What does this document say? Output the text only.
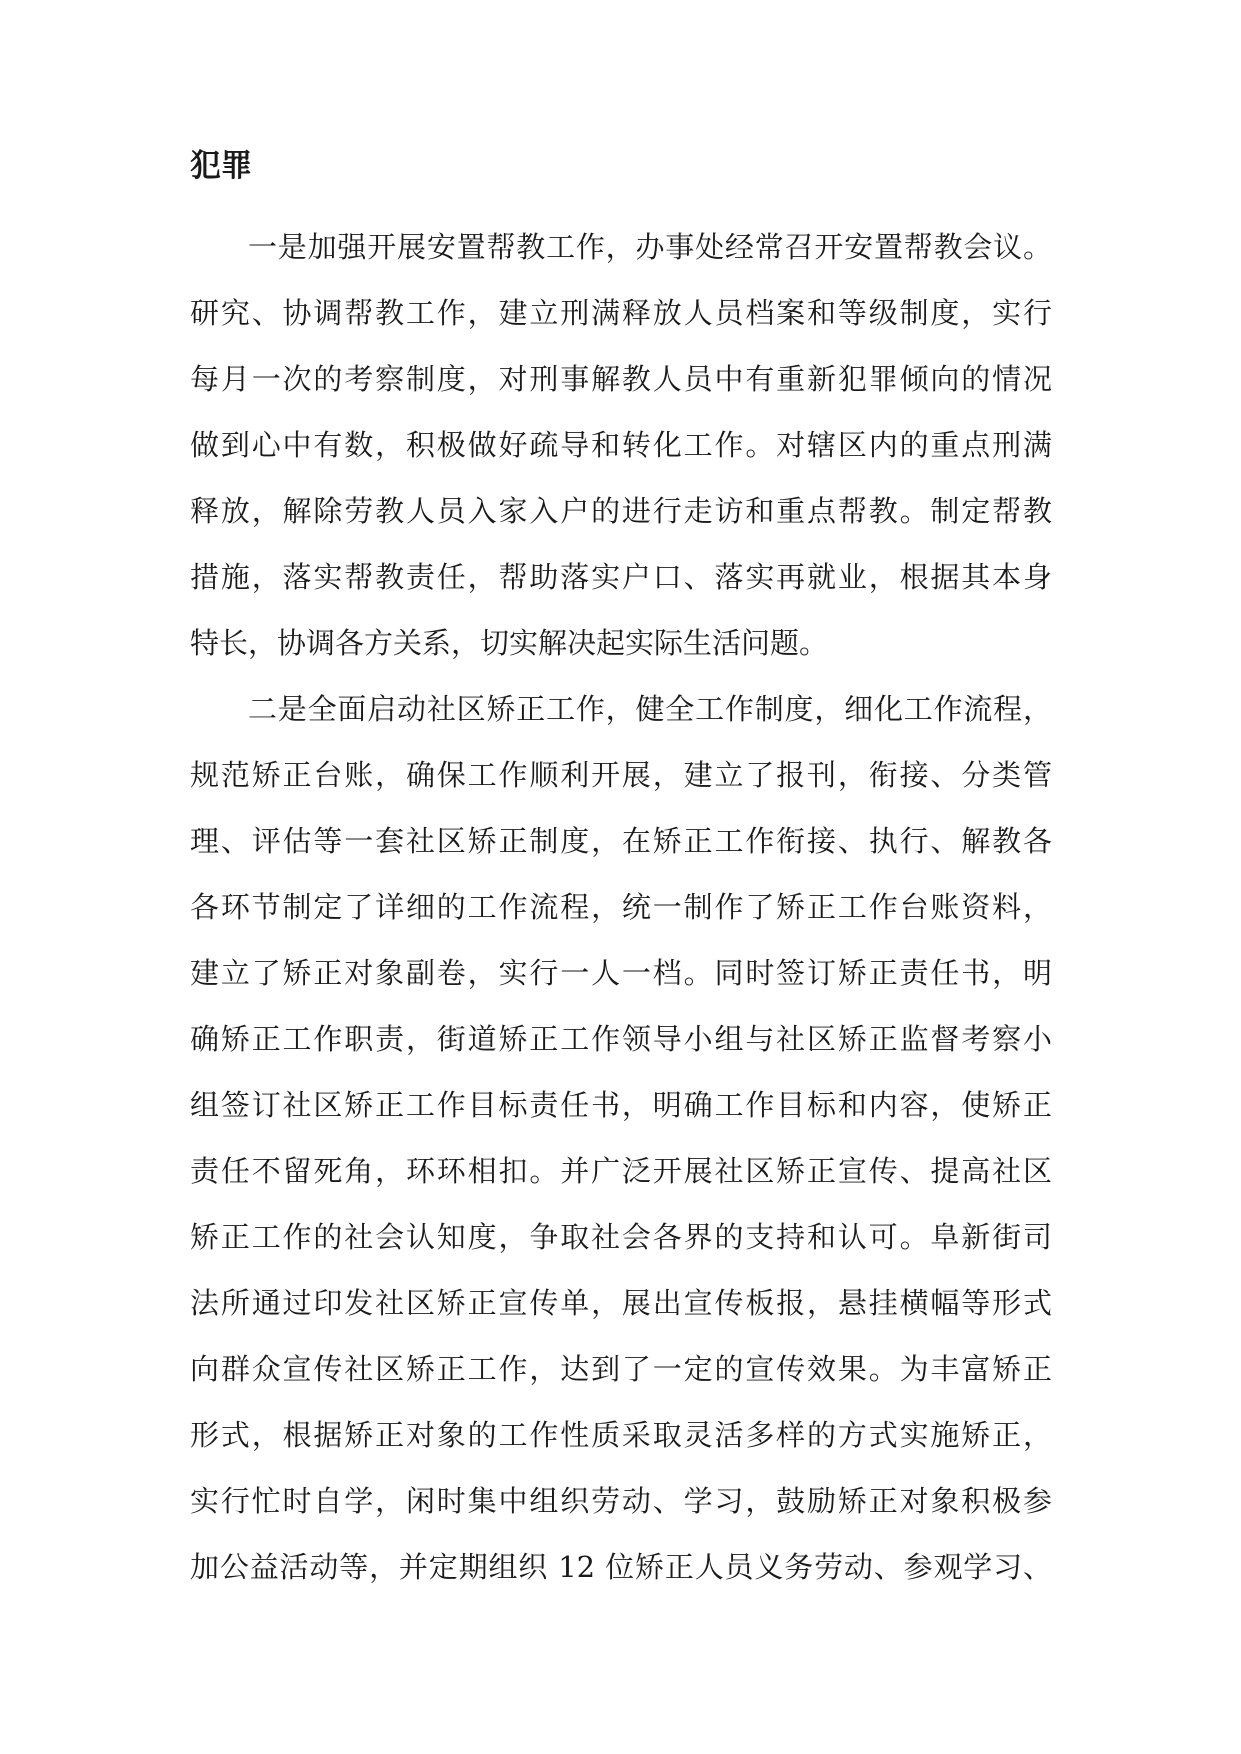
犯罪
一是加强开展安置帮教工作，办事处经常召开安置帮教会议。
研究、协调帮教工作，建立刑满释放人员档案和等级制度，实行
每月一次的考察制度，对刑事解教人员中有重新犯罪倾向的情况
做到心中有数，积极做好疏导和转化工作。对辖区内的重点刑满
释放，解除劳教人员入家入户的进行走访和重点帮教。制定帮教
措施，落实帮教责任，帮助落实户口、落实再就业，根据其本身
特长，协调各方关系，切实解决起实际生活问题。
二是全面启动社区矫正工作，健全工作制度，细化工作流程，
规范矫正台账，确保工作顺利开展，建立了报刊，衔接、分类管
理、评估等一套社区矫正制度，在矫正工作衔接、执行、解教各
各环节制定了详细的工作流程，统一制作了矫正工作台账资料，
建立了矫正对象副卷，实行一人一档。同时签订矫正责任书，明
确矫正工作职责，街道矫正工作领导小组与社区矫正监督考察小
组签订社区矫正工作目标责任书，明确工作目标和内容，使矫正
责任不留死角，环环相扣。并广泛开展社区矫正宣传、提高社区
矫正工作的社会认知度，争取社会各界的支持和认可。阜新街司
法所通过印发社区矫正宣传单，展出宣传板报，悬挂横幅等形式
向群众宣传社区矫正工作，达到了一定的宣传效果。为丰富矫正
形式，根据矫正对象的工作性质采取灵活多样的方式实施矫正，
实行忙时自学，闲时集中组织劳动、学习，鼓励矫正对象积极参
加公益活动等，并定期组织 12 位矫正人员义务劳动、参观学习、
